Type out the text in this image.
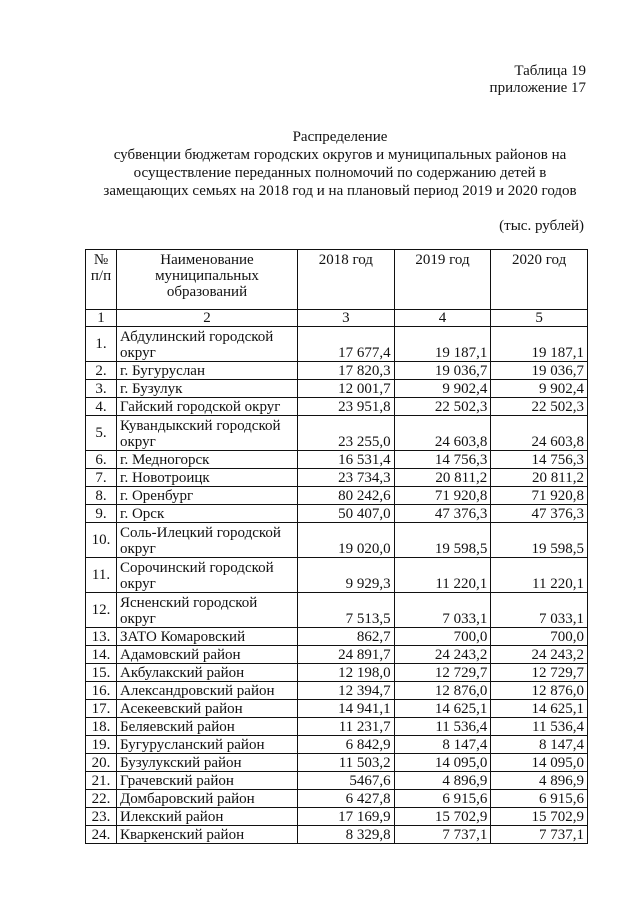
Таблица 19
приложение 17
Распределение
субвенции бюджетам городских округов и муниципальных районов на
осуществление переданных полномочий по содержанию детей в
замещающих семьях на 2018 год и на плановый период 2019 и 2020 годов
(тыс. рублей)
№ п/п	Наименование муниципальных образований	2018 год	2019 год	2020 год
1	2	3	4	5
1.	Абдулинский городской округ	17 677,4	19 187,1	19 187,1
2.	г. Бугуруслан	17 820,3	19 036,7	19 036,7
3.	г. Бузулук	12 001,7	9 902,4	9 902,4
4.	Гайский городской округ	23 951,8	22 502,3	22 502,3
5.	Кувандыкский городской округ	23 255,0	24 603,8	24 603,8
6.	г. Медногорск	16 531,4	14 756,3	14 756,3
7.	г. Новотроицк	23 734,3	20 811,2	20 811,2
8.	г. Оренбург	80 242,6	71 920,8	71 920,8
9.	г. Орск	50 407,0	47 376,3	47 376,3
10.	Соль-Илецкий городской округ	19 020,0	19 598,5	19 598,5
11.	Сорочинский городской округ	9 929,3	11 220,1	11 220,1
12.	Ясненский городской округ	7 513,5	7 033,1	7 033,1
13.	ЗАТО Комаровский	862,7	700,0	700,0
14.	Адамовский район	24 891,7	24 243,2	24 243,2
15.	Акбулакский район	12 198,0	12 729,7	12 729,7
16.	Александровский район	12 394,7	12 876,0	12 876,0
17.	Асекеевский район	14 941,1	14 625,1	14 625,1
18.	Беляевский район	11 231,7	11 536,4	11 536,4
19.	Бугурусланский район	6 842,9	8 147,4	8 147,4
20.	Бузулукский район	11 503,2	14 095,0	14 095,0
21.	Грачевский район	5467,6	4 896,9	4 896,9
22.	Домбаровский район	6 427,8	6 915,6	6 915,6
23.	Илекский район	17 169,9	15 702,9	15 702,9
24.	Кваркенский район	8 329,8	7 737,1	7 737,1
